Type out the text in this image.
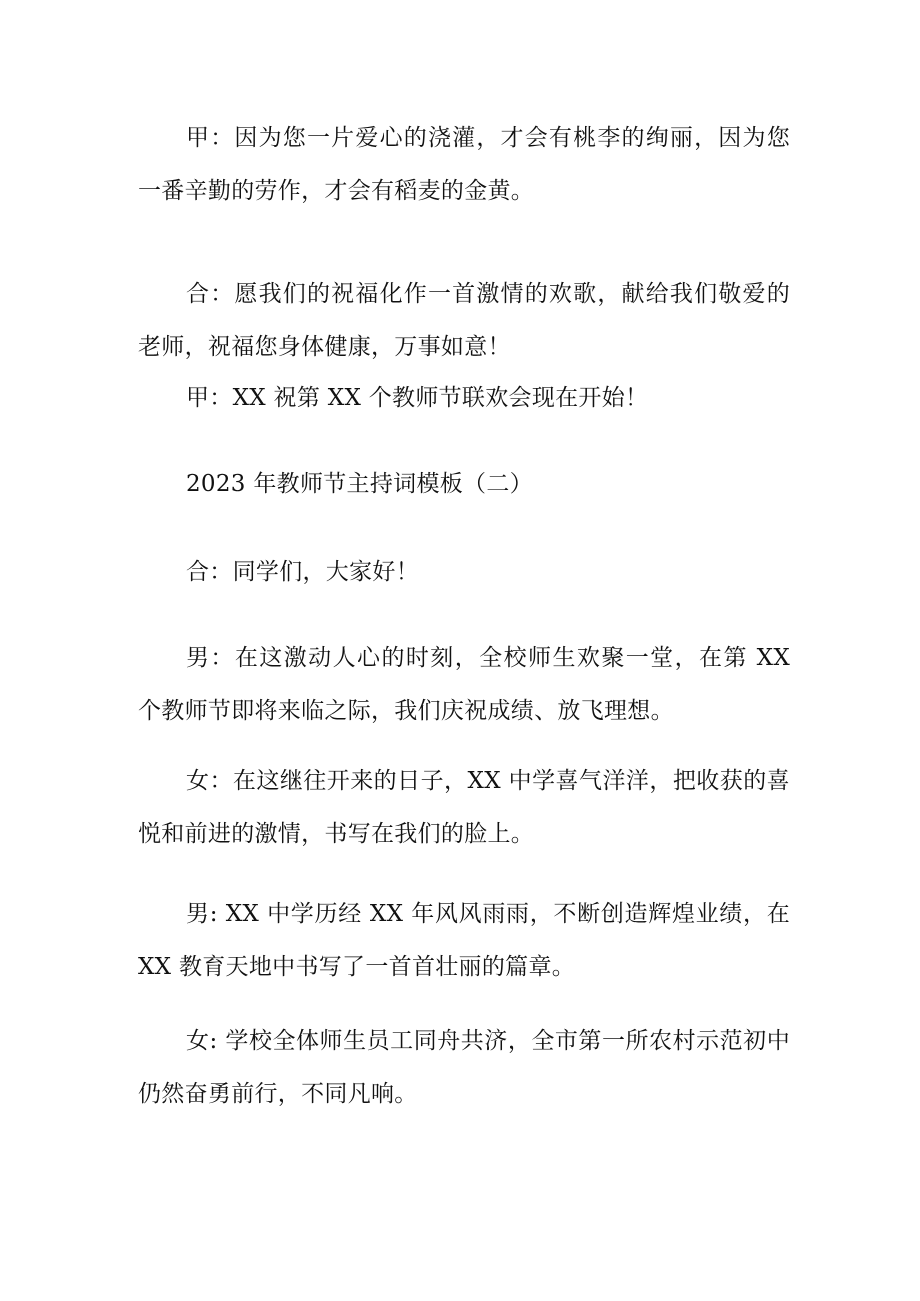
甲：因为您一片爱心的浇灌，才会有桃李的绚丽，因为您一番辛勤的劳作，才会有稻麦的金黄。

合：愿我们的祝福化作一首激情的欢歌，献给我们敬爱的老师，祝福您身体健康，万事如意！

甲：XX 祝第 XX 个教师节联欢会现在开始！

2023 年教师节主持词模板（二）

合：同学们，大家好！

男：在这激动人心的时刻，全校师生欢聚一堂，在第 XX 个教师节即将来临之际，我们庆祝成绩、放飞理想。

女：在这继往开来的日子，XX 中学喜气洋洋，把收获的喜悦和前进的激情，书写在我们的脸上。

男: XX 中学历经 XX 年风风雨雨，不断创造辉煌业绩，在 XX 教育天地中书写了一首首壮丽的篇章。

女: 学校全体师生员工同舟共济，全市第一所农村示范初中仍然奋勇前行，不同凡响。
